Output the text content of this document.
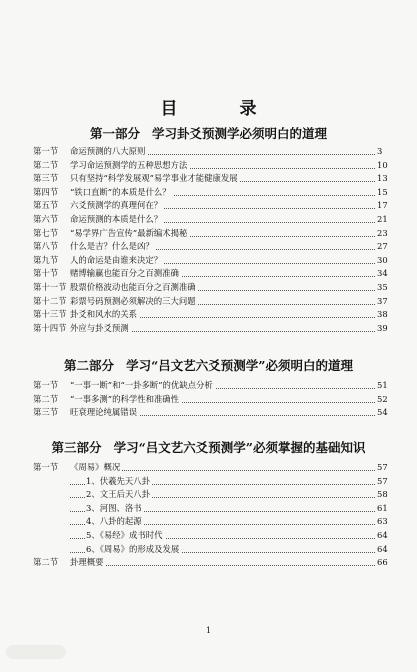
目 录
第一部分 学习卦爻预测学必须明白的道理
第一节	命运预测的八大原则	3
第二节	学习命运预测学的五种思想方法	10
第三节	只有坚持“科学发展观”易学事业才能健康发展	13
第四节	“铁口直断”的本质是什么？	15
第五节	六爻预测学的真理何在？	17
第六节	命运预测的本质是什么？	21
第七节	“易学界广告宣传”最新编术揭秘	23
第八节	什么是吉？什么是凶？	27
第九节	人的命运是由谁来决定？	30
第十节	赌博输赢也能百分之百测准确	34
第十一节 股票价格波动也能百分之百测准确	35
第十二节 彩票号码预测必须解决的三大问题	37
第十三节 卦爻和风水的关系	38
第十四节 外应与卦爻预测	39
第二部分 学习“吕文艺六爻预测学”必须明白的道理
第一节	“一事一断”和“一卦多断”的优缺点分析	51
第二节	“一事多测”的科学性和准确性	52
第三节	旺衰理论纯属错误	54
第三部分 学习“吕文艺六爻预测学”必须掌握的基础知识
第一节	《周易》概况	57
1、伏羲先天八卦	57
2、文王后天八卦	58
3、河图、洛书	61
4、八卦的起源	63
5、《易经》成书时代	64
6、《周易》的形成及发展	64
第二节	卦理概要	66
1
